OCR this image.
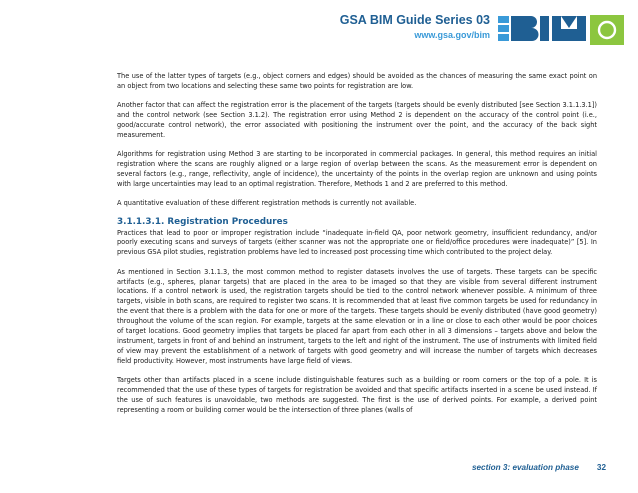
GSA BIM Guide Series 03
www.gsa.gov/bim

The use of the latter types of targets (e.g., object corners and edges) should be avoided as the chances of measuring the same exact point on an object from two locations and selecting these same two points for registration are low.

Another factor that can affect the registration error is the placement of the targets (targets should be evenly distributed [see Section 3.1.1.3.1]) and the control network (see Section 3.1.2). The registration error using Method 2 is dependent on the accuracy of the control point (i.e., good/accurate control network), the error associated with positioning the instrument over the point, and the accuracy of the back sight measurement.

Algorithms for registration using Method 3 are starting to be incorporated in commercial packages. In general, this method requires an initial registration where the scans are roughly aligned or a large region of overlap between the scans. As the measurement error is dependent on several factors (e.g., range, reflectivity, angle of incidence), the uncertainty of the points in the overlap region are unknown and using points with large uncertainties may lead to an optimal registration. Therefore, Methods 1 and 2 are preferred to this method.

A quantitative evaluation of these different registration methods is currently not available.

3.1.1.3.1. Registration Procedures

Practices that lead to poor or improper registration include “inadequate in-field QA, poor network geometry, insufficient redundancy, and/or poorly executing scans and surveys of targets (either scanner was not the appropriate one or field/office procedures were inadequate)” [5]. In previous GSA pilot studies, registration problems have led to increased post processing time which contributed to the project delay.

As mentioned in Section 3.1.1.3, the most common method to register datasets involves the use of targets. These targets can be specific artifacts (e.g., spheres, planar targets) that are placed in the area to be imaged so that they are visible from several different instrument locations. If a control network is used, the registration targets should be tied to the control network whenever possible. A minimum of three targets, visible in both scans, are required to register two scans. It is recommended that at least five common targets be used for redundancy in the event that there is a problem with the data for one or more of the targets. These targets should be evenly distributed (have good geometry) throughout the volume of the scan region. For example, targets at the same elevation or in a line or close to each other would be poor choices of target locations. Good geometry implies that targets be placed far apart from each other in all 3 dimensions – targets above and below the instrument, targets in front of and behind an instrument, targets to the left and right of the instrument. The use of instruments with limited field of view may prevent the establishment of a network of targets with good geometry and will increase the number of targets which decreases field productivity. However, most instruments have large field of views.

Targets other than artifacts placed in a scene include distinguishable features such as a building or room corners or the top of a pole. It is recommended that the use of these types of targets for registration be avoided and that specific artifacts inserted in a scene be used instead. If the use of such features is unavoidable, two methods are suggested. The first is the use of derived points. For example, a derived point representing a room or building corner would be the intersection of three planes (walls of

section 3: evaluation phase 32
